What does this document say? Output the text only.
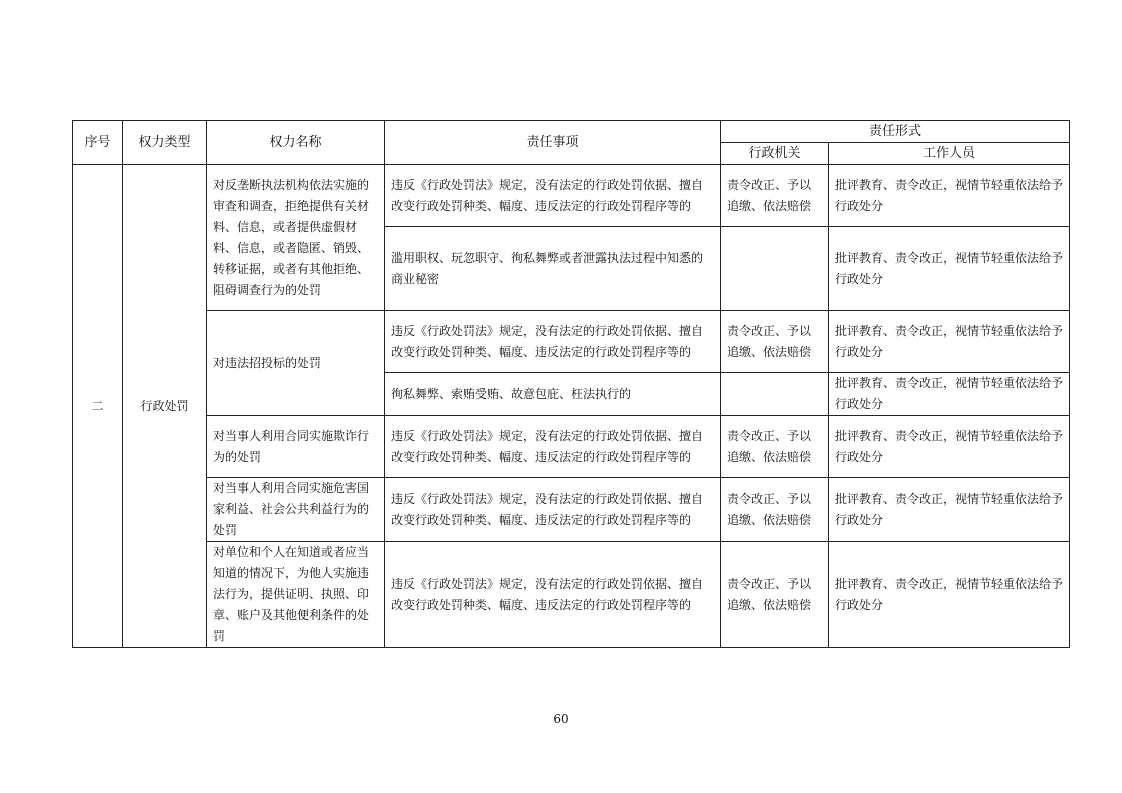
序号	权力类型	权力名称	责任事项	责任形式	
				行政机关	工作人员
二	行政处罚	对反垄断执法机构依法实施的审查和调查，拒绝提供有关材料、信息，或者提供虚假材料、信息，或者隐匿、销毁、转移证据，或者有其他拒绝、阻碍调查行为的处罚	违反《行政处罚法》规定，没有法定的行政处罚依据、擅自改变行政处罚种类、幅度、违反法定的行政处罚程序等的	责令改正、予以追缴、依法赔偿	批评教育、责令改正，视情节轻重依法给予行政处分
			滥用职权、玩忽职守、徇私舞弊或者泄露执法过程中知悉的商业秘密		批评教育、责令改正，视情节轻重依法给予行政处分
		对违法招投标的处罚	违反《行政处罚法》规定，没有法定的行政处罚依据、擅自改变行政处罚种类、幅度、违反法定的行政处罚程序等的	责令改正、予以追缴、依法赔偿	批评教育、责令改正，视情节轻重依法给予行政处分
			徇私舞弊、索贿受贿、故意包庇、枉法执行的		批评教育、责令改正，视情节轻重依法给予行政处分
		对当事人利用合同实施欺诈行为的处罚	违反《行政处罚法》规定，没有法定的行政处罚依据、擅自改变行政处罚种类、幅度、违反法定的行政处罚程序等的	责令改正、予以追缴、依法赔偿	批评教育、责令改正，视情节轻重依法给予行政处分
		对当事人利用合同实施危害国家利益、社会公共利益行为的处罚	违反《行政处罚法》规定，没有法定的行政处罚依据、擅自改变行政处罚种类、幅度、违反法定的行政处罚程序等的	责令改正、予以追缴、依法赔偿	批评教育、责令改正，视情节轻重依法给予行政处分
		对单位和个人在知道或者应当知道的情况下，为他人实施违法行为，提供证明、执照、印章、账户及其他便利条件的处罚	违反《行政处罚法》规定，没有法定的行政处罚依据、擅自改变行政处罚种类、幅度、违反法定的行政处罚程序等的	责令改正、予以追缴、依法赔偿	批评教育、责令改正，视情节轻重依法给予行政处分
60
